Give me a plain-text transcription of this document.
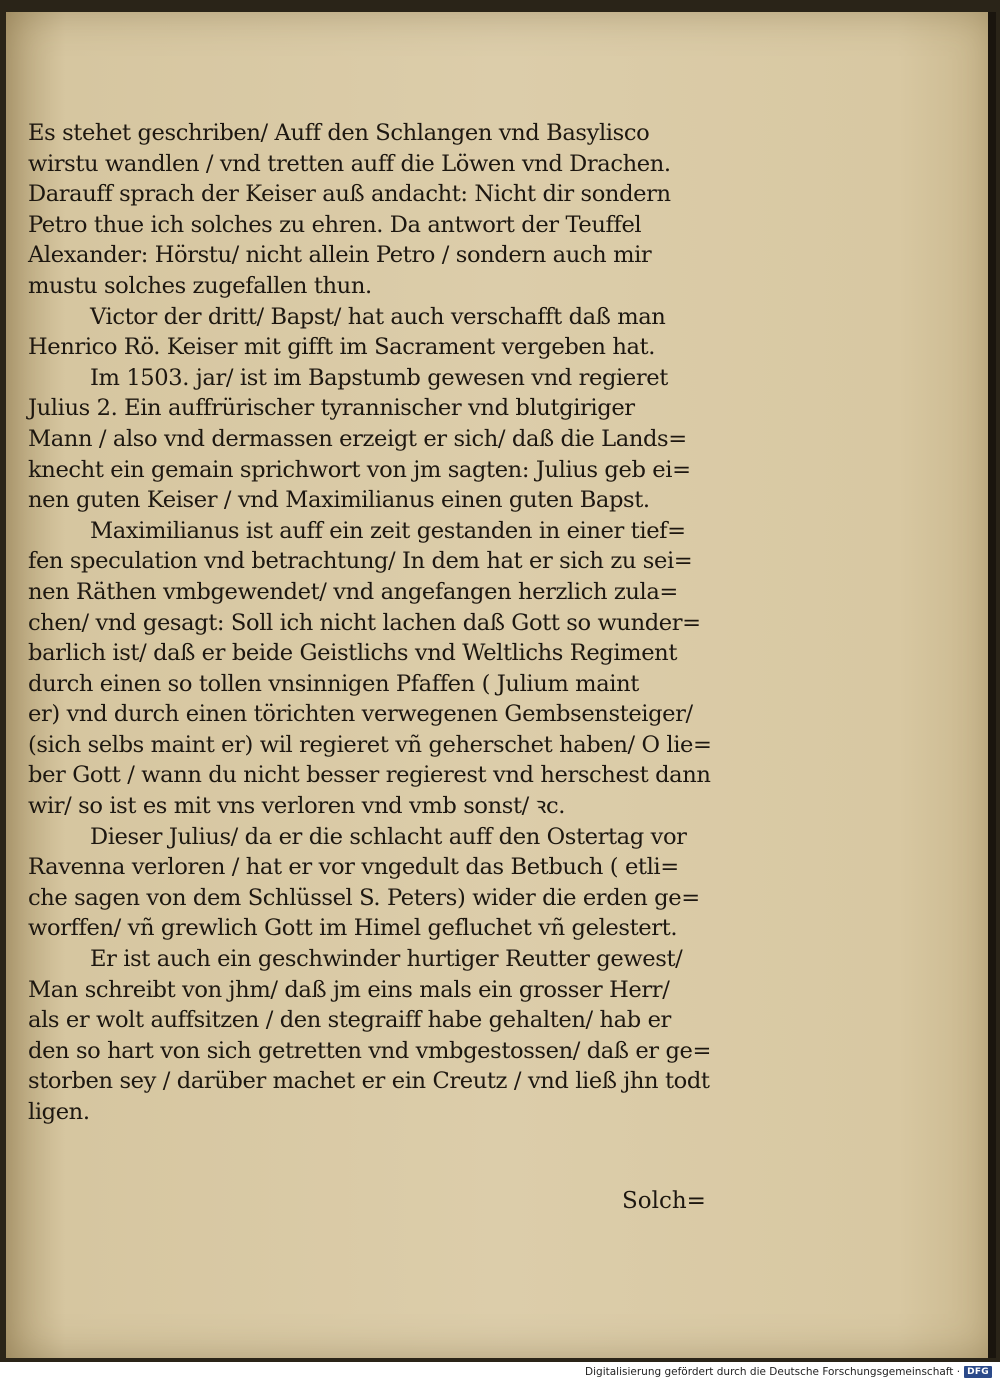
Es stehet geschriben/ Auff den Schlangen vnd Basylisco
wirstu wandlen / vnd tretten auff die Löwen vnd Drachen.
Darauff sprach der Keiser auß andacht: Nicht dir sondern
Petro thue ich solches zu ehren. Da antwort der Teuffel
Alexander: Hörstu/ nicht allein Petro / sondern auch mir
mustu solches zugefallen thun.
Victor der dritt/ Bapst/ hat auch verschafft daß man
Henrico Rö. Keiser mit gifft im Sacrament vergeben hat.
Im 1503. jar/ ist im Bapstumb gewesen vnd regieret
Julius 2. Ein auffrürischer tyrannischer vnd blutgiriger
Mann / also vnd dermassen erzeigt er sich/ daß die Lands=
knecht ein gemain sprichwort von jm sagten: Julius geb ei=
nen guten Keiser / vnd Maximilianus einen guten Bapst.
Maximilianus ist auff ein zeit gestanden in einer tief=
fen speculation vnd betrachtung/ In dem hat er sich zu sei=
nen Räthen vmbgewendet/ vnd angefangen herzlich zula=
chen/ vnd gesagt: Soll ich nicht lachen daß Gott so wunder=
barlich ist/ daß er beide Geistlichs vnd Weltlichs Regiment
durch einen so tollen vnsinnigen Pfaffen ( Julium maint
er) vnd durch einen törichten verwegenen Gembsensteiger/
(sich selbs maint er) wil regieret vñ geherschet haben/ O lie=
ber Gott / wann du nicht besser regierest vnd herschest dann
wir/ so ist es mit vns verloren vnd vmb sonst/ ꝛc.
Dieser Julius/ da er die schlacht auff den Ostertag vor
Ravenna verloren / hat er vor vngedult das Betbuch ( etli=
che sagen von dem Schlüssel S. Peters) wider die erden ge=
worffen/ vñ grewlich Gott im Himel gefluchet vñ gelestert.
Er ist auch ein geschwinder hurtiger Reutter gewest/
Man schreibt von jhm/ daß jm eins mals ein grosser Herr/
als er wolt auffsitzen / den stegraiff habe gehalten/ hab er
den so hart von sich getretten vnd vmbgestossen/ daß er ge=
storben sey / darüber machet er ein Creutz / vnd ließ jhn todt
ligen.
Solch=
Digitalisierung gefördert durch die Deutsche Forschungsgemeinschaft · DFG
